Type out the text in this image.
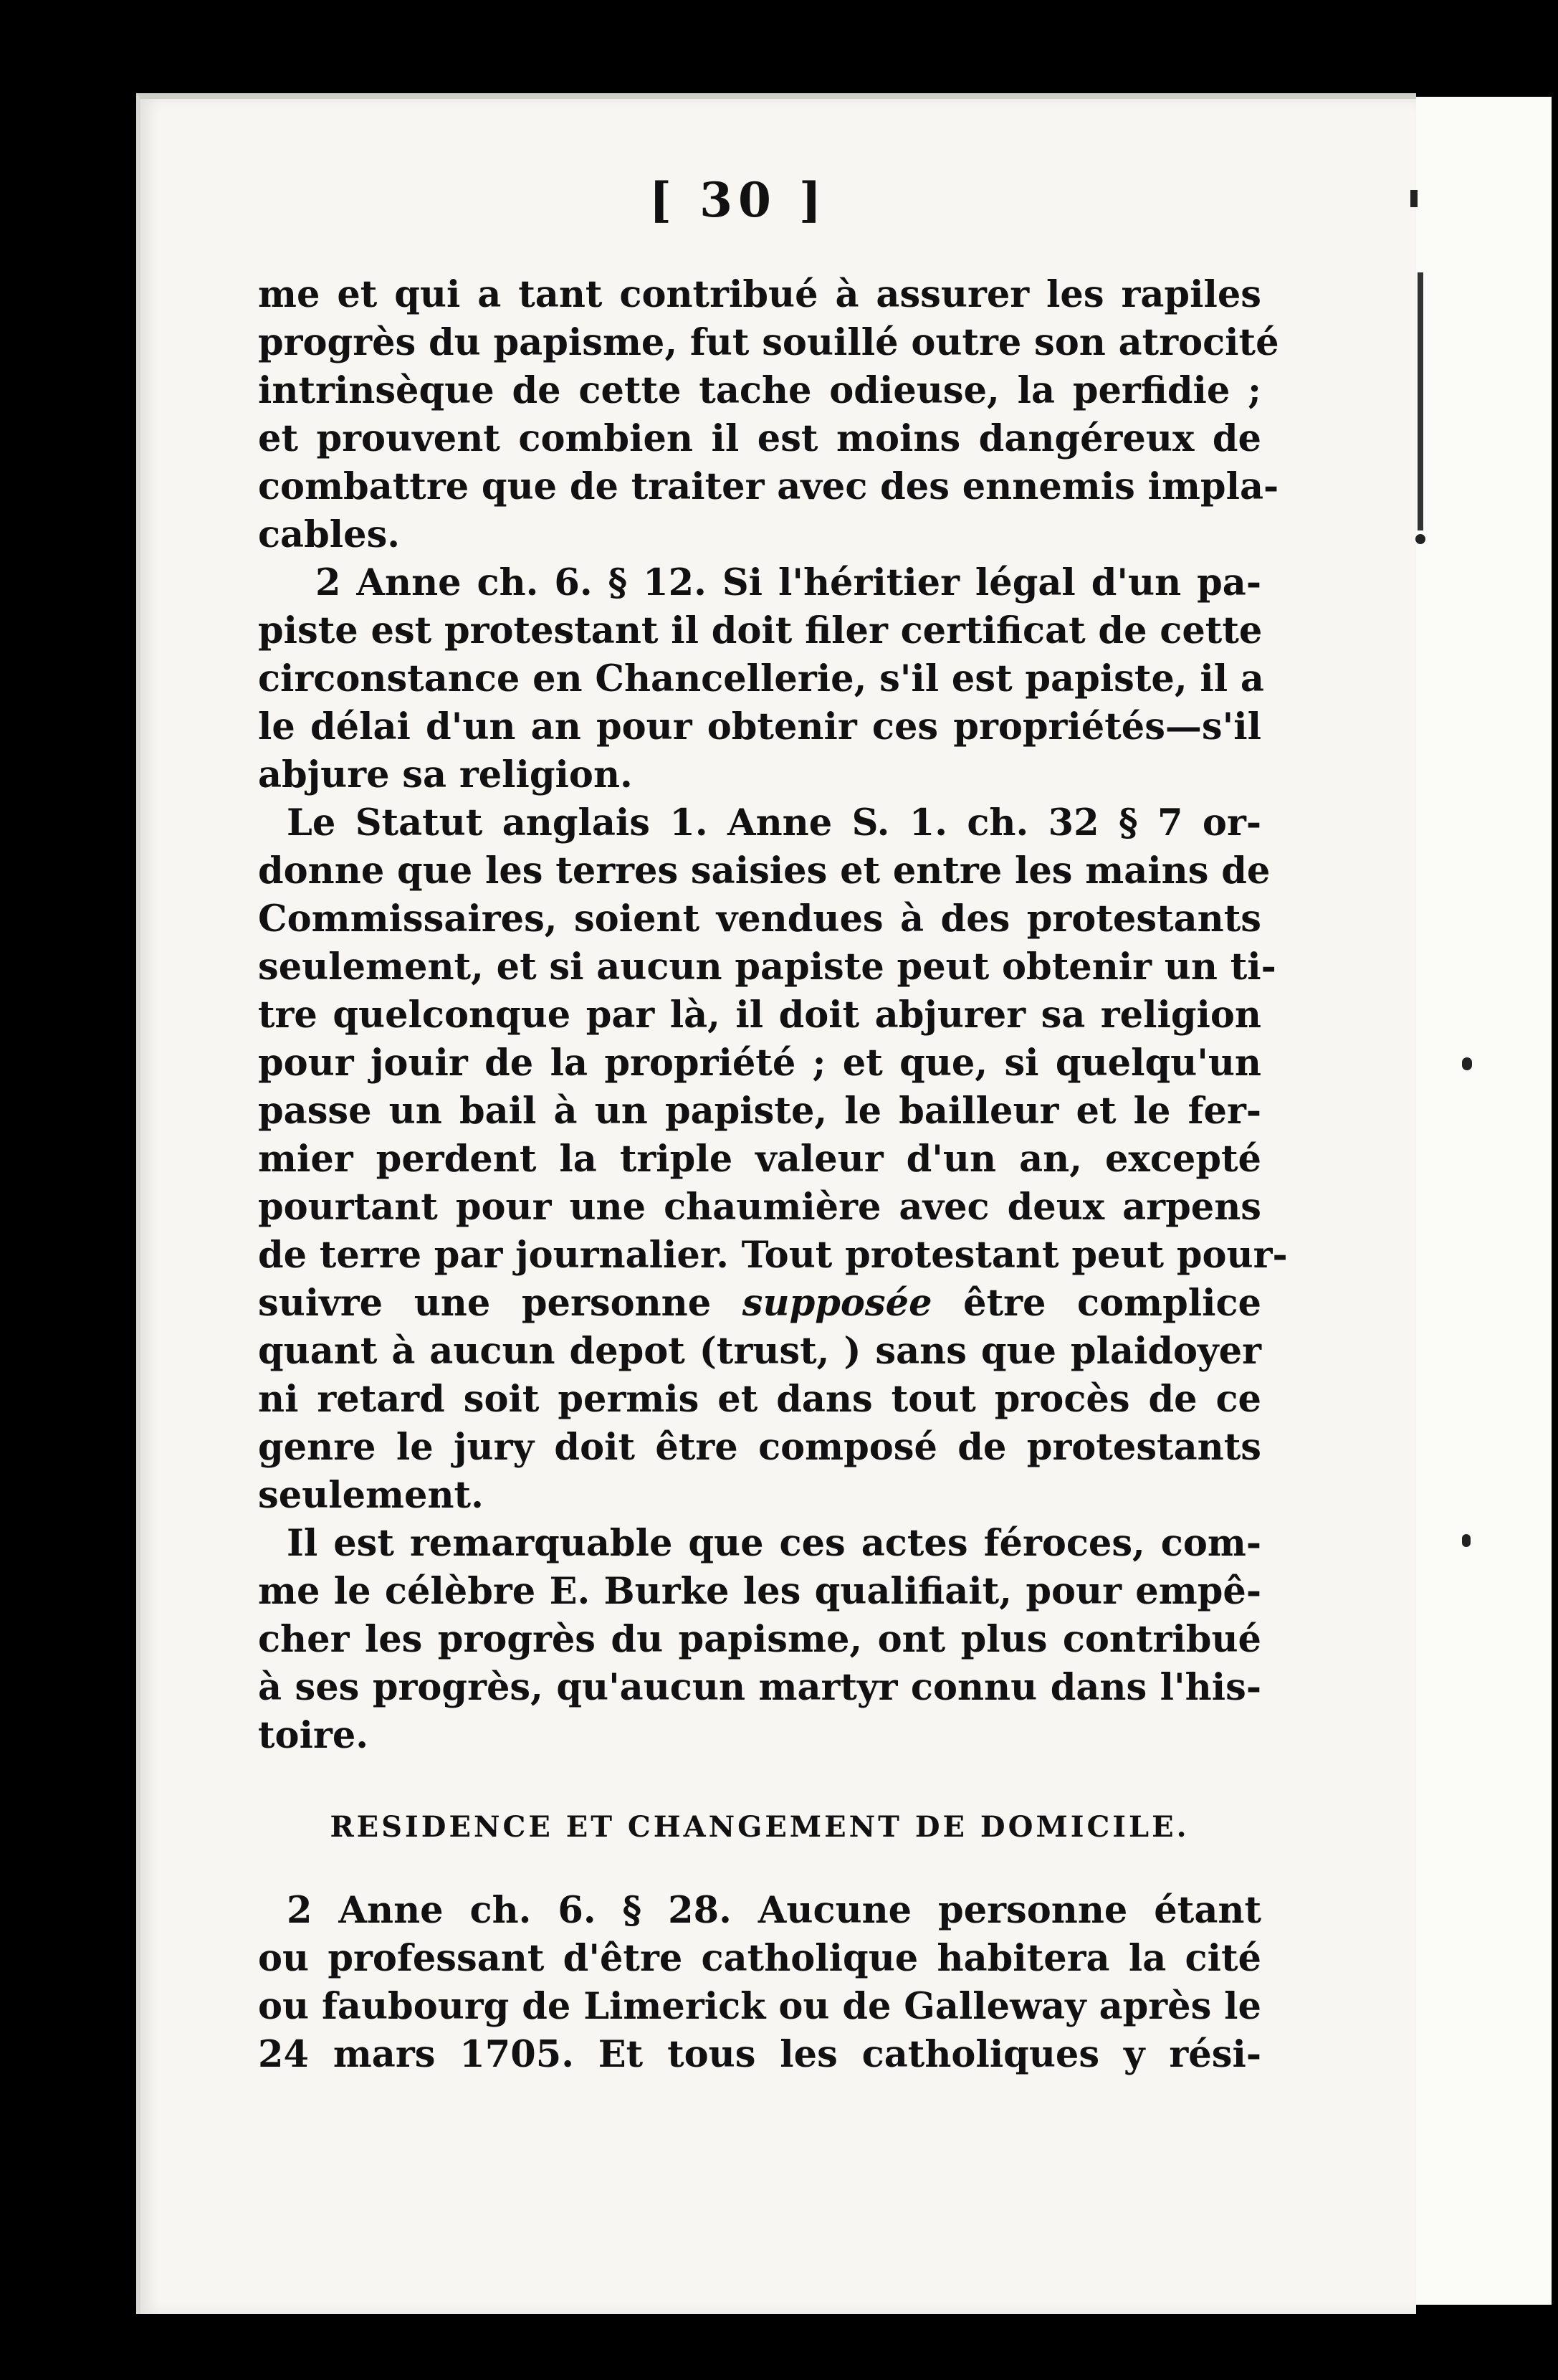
[ 30 ]

me et qui a tant contribué à assurer les rapiles
progrès du papisme, fut souillé outre son atrocité
intrinsèque de cette tache odieuse, la perfidie ;
et prouvent combien il est moins dangéreux de
combattre que de traiter avec des ennemis impla-
cables.

2 Anne ch. 6. § 12. Si l'héritier légal d'un pa-
piste est protestant il doit filer certificat de cette
circonstance en Chancellerie, s'il est papiste, il a
le délai d'un an pour obtenir ces propriétés—s'il
abjure sa religion.

Le Statut anglais 1. Anne S. 1. ch. 32 § 7 or-
donne que les terres saisies et entre les mains de
Commissaires, soient vendues à des protestants
seulement, et si aucun papiste peut obtenir un ti-
tre quelconque par là, il doit abjurer sa religion
pour jouir de la propriété ; et que, si quelqu'un
passe un bail à un papiste, le bailleur et le fer-
mier perdent la triple valeur d'un an, excepté
pourtant pour une chaumière avec deux arpens
de terre par journalier. Tout protestant peut pour-
suivre une personne supposée être complice
quant à aucun depot (trust, ) sans que plaidoyer
ni retard soit permis et dans tout procès de ce
genre le jury doit être composé de protestants
seulement.

Il est remarquable que ces actes féroces, com-
me le célèbre E. Burke les qualifiait, pour empê-
cher les progrès du papisme, ont plus contribué
à ses progrès, qu'aucun martyr connu dans l'his-
toire.

RESIDENCE ET CHANGEMENT DE DOMICILE.

2 Anne ch. 6. § 28. Aucune personne étant
ou professant d'être catholique habitera la cité
ou faubourg de Limerick ou de Galleway après le
24 mars 1705. Et tous les catholiques y rési-
